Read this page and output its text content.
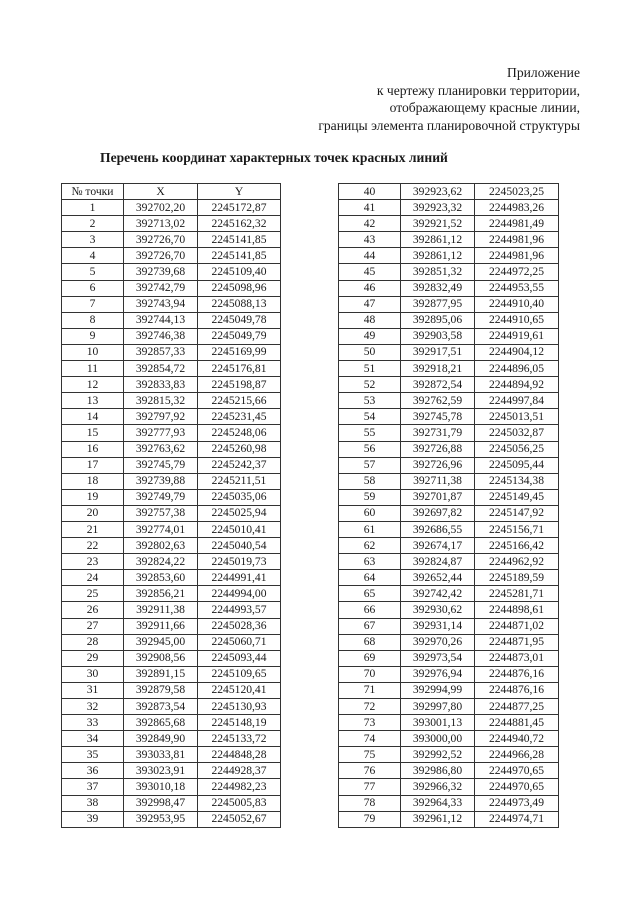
Приложение
к чертежу планировки территории,
отображающему красные линии,
границы элемента планировочной структуры
Перечень координат характерных точек красных линий
№ точки	X	Y
1	392702,20	2245172,87
2	392713,02	2245162,32
3	392726,70	2245141,85
4	392726,70	2245141,85
5	392739,68	2245109,40
6	392742,79	2245098,96
7	392743,94	2245088,13
8	392744,13	2245049,78
9	392746,38	2245049,79
10	392857,33	2245169,99
11	392854,72	2245176,81
12	392833,83	2245198,87
13	392815,32	2245215,66
14	392797,92	2245231,45
15	392777,93	2245248,06
16	392763,62	2245260,98
17	392745,79	2245242,37
18	392739,88	2245211,51
19	392749,79	2245035,06
20	392757,38	2245025,94
21	392774,01	2245010,41
22	392802,63	2245040,54
23	392824,22	2245019,73
24	392853,60	2244991,41
25	392856,21	2244994,00
26	392911,38	2244993,57
27	392911,66	2245028,36
28	392945,00	2245060,71
29	392908,56	2245093,44
30	392891,15	2245109,65
31	392879,58	2245120,41
32	392873,54	2245130,93
33	392865,68	2245148,19
34	392849,90	2245133,72
35	393033,81	2244848,28
36	393023,91	2244928,37
37	393010,18	2244982,23
38	392998,47	2245005,83
39	392953,95	2245052,67
40	392923,62	2245023,25
41	392923,32	2244983,26
42	392921,52	2244981,49
43	392861,12	2244981,96
44	392861,12	2244981,96
45	392851,32	2244972,25
46	392832,49	2244953,55
47	392877,95	2244910,40
48	392895,06	2244910,65
49	392903,58	2244919,61
50	392917,51	2244904,12
51	392918,21	2244896,05
52	392872,54	2244894,92
53	392762,59	2244997,84
54	392745,78	2245013,51
55	392731,79	2245032,87
56	392726,88	2245056,25
57	392726,96	2245095,44
58	392711,38	2245134,38
59	392701,87	2245149,45
60	392697,82	2245147,92
61	392686,55	2245156,71
62	392674,17	2245166,42
63	392824,87	2244962,92
64	392652,44	2245189,59
65	392742,42	2245281,71
66	392930,62	2244898,61
67	392931,14	2244871,02
68	392970,26	2244871,95
69	392973,54	2244873,01
70	392976,94	2244876,16
71	392994,99	2244876,16
72	392997,80	2244877,25
73	393001,13	2244881,45
74	393000,00	2244940,72
75	392992,52	2244966,28
76	392986,80	2244970,65
77	392966,32	2244970,65
78	392964,33	2244973,49
79	392961,12	2244974,71
